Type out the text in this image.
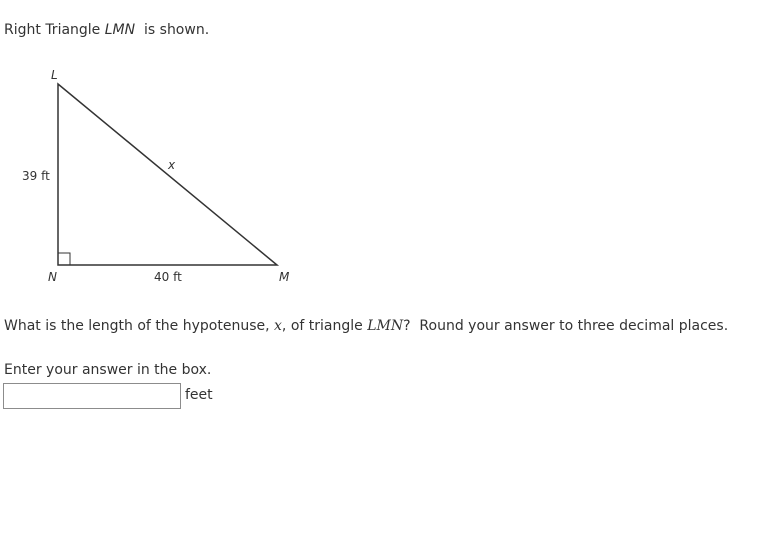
Right Triangle LMN  is shown.
L
N	M
39 ft
40 ft
x
What is the length of the hypotenuse, x, of triangle LMN?  Round your answer to three decimal places.
Enter your answer in the box.
feet
